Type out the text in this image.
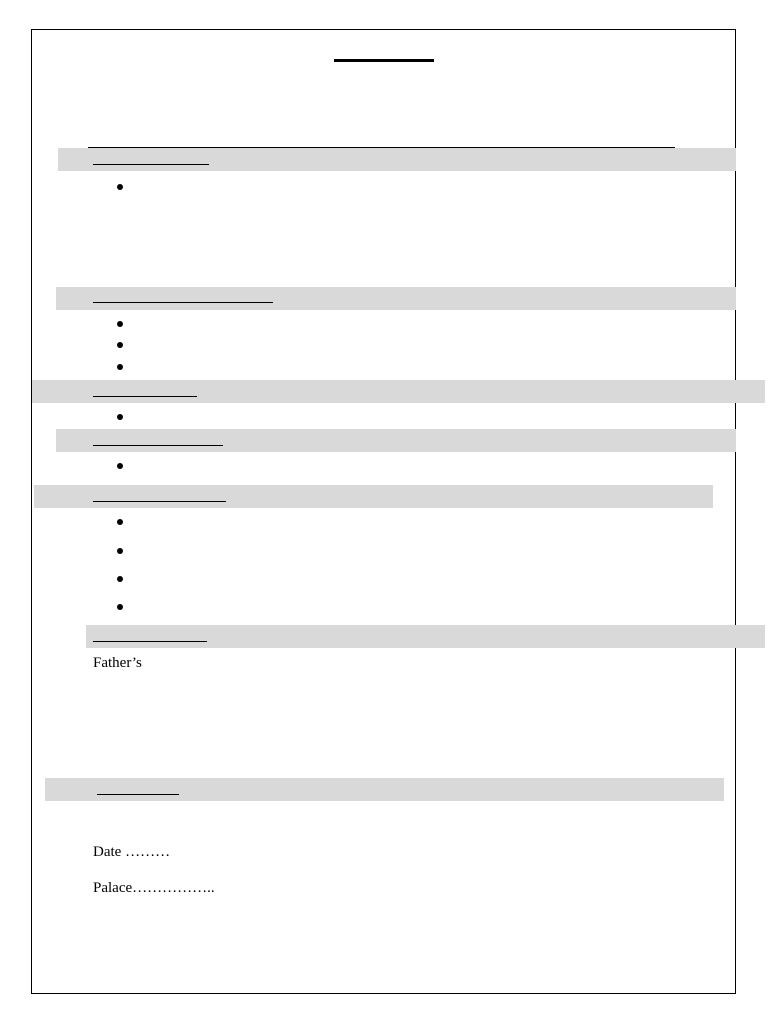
Father’s
Date ………
Palace……………..
